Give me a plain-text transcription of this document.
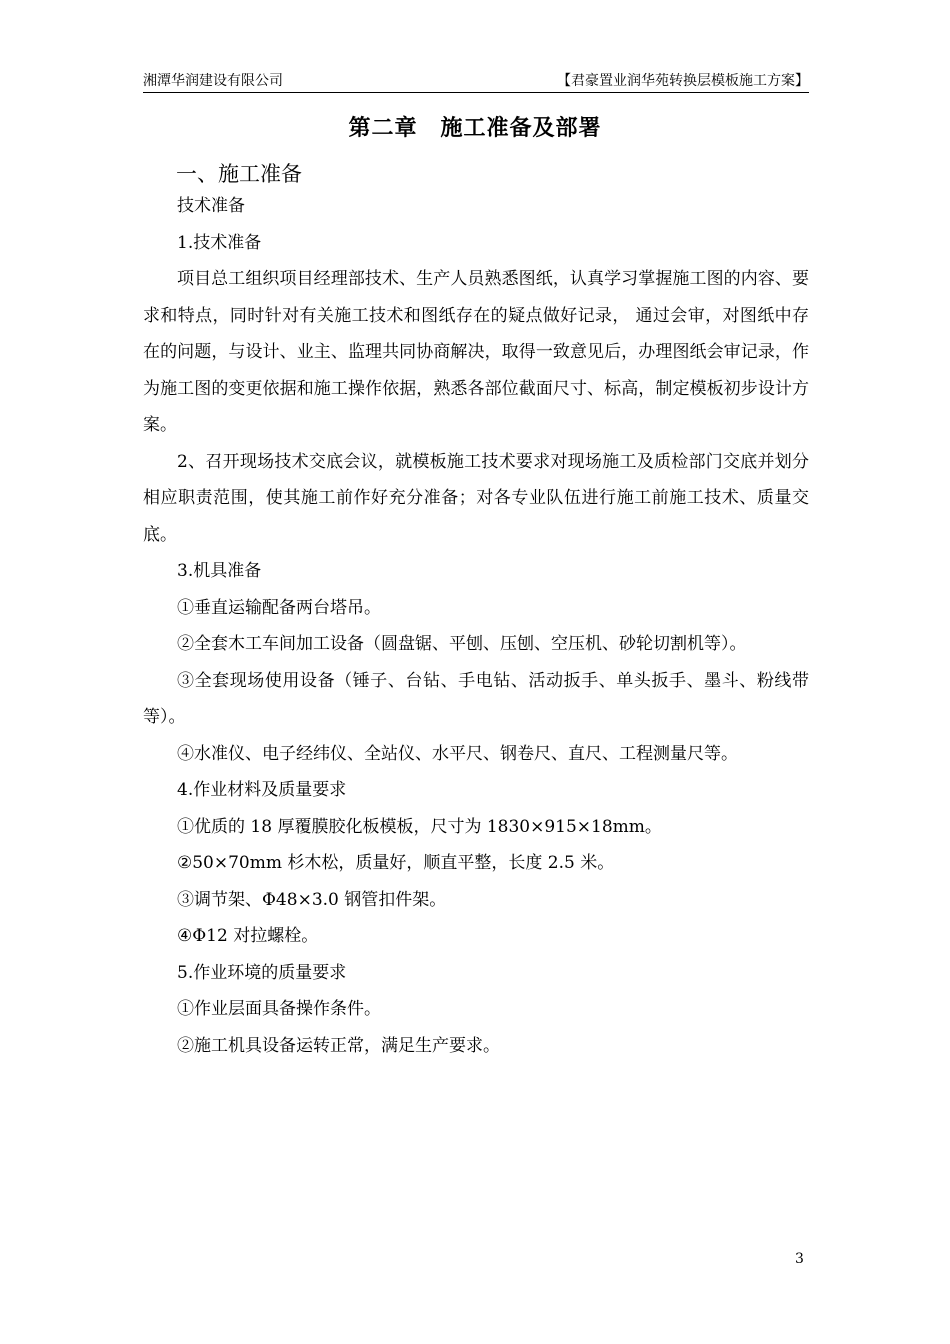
湘潭华润建设有限公司	【君豪置业润华苑转换层模板施工方案】
第二章　施工准备及部署
一、施工准备

技术准备

1.技术准备

项目总工组织项目经理部技术、生产人员熟悉图纸，认真学习掌握施工图的内容、要求和特点，同时针对有关施工技术和图纸存在的疑点做好记录， 通过会审，对图纸中存在的问题，与设计、业主、监理共同协商解决，取得一致意见后，办理图纸会审记录，作为施工图的变更依据和施工操作依据，熟悉各部位截面尺寸、标高，制定模板初步设计方案。

2、召开现场技术交底会议，就模板施工技术要求对现场施工及质检部门交底并划分相应职责范围，使其施工前作好充分准备；对各专业队伍进行施工前施工技术、质量交底。

3.机具准备

①垂直运输配备两台塔吊。

②全套木工车间加工设备（圆盘锯、平刨、压刨、空压机、砂轮切割机等）。

③全套现场使用设备（锤子、台钻、手电钻、活动扳手、单头扳手、墨斗、粉线带等）。

④水准仪、电子经纬仪、全站仪、水平尺、钢卷尺、直尺、工程测量尺等。

4.作业材料及质量要求

①优质的 18 厚覆膜胶化板模板，尺寸为 1830×915×18mm。

②50×70mm 杉木松，质量好，顺直平整，长度 2.5 米。

③调节架、Φ48×3.0 钢管扣件架。

④Φ12 对拉螺栓。

5.作业环境的质量要求

①作业层面具备操作条件。

②施工机具设备运转正常，满足生产要求。

3
